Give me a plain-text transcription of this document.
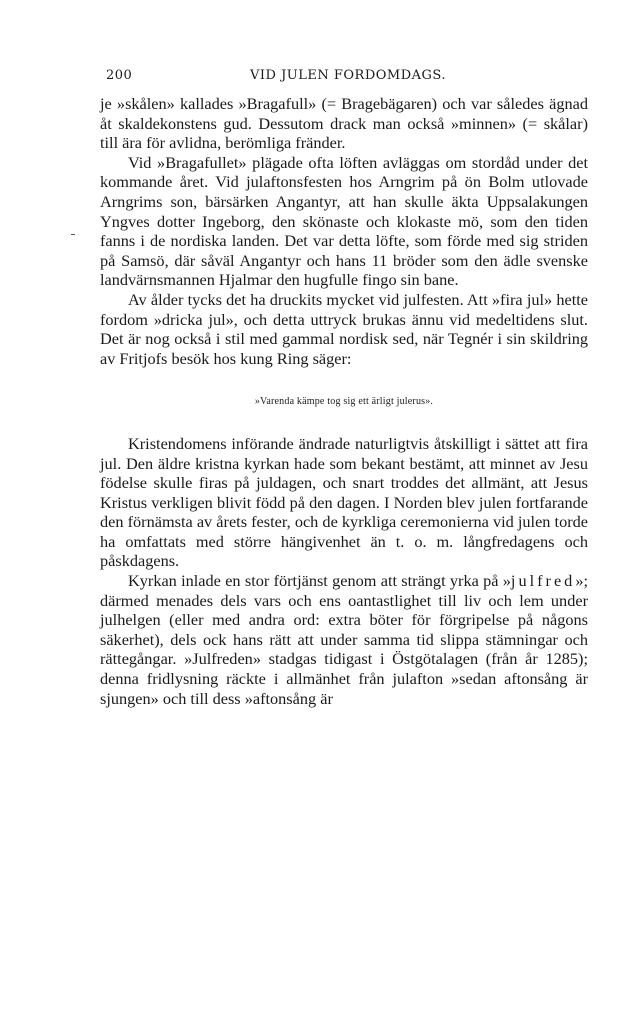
200	VID JULEN FORDOMDAGS.

je »skålen» kallades »Bragafull» (= Bragebägaren) och var således ägnad åt skaldekonstens gud. Dessutom drack man också »minnen» (= skålar) till ära för avlidna, berömliga fränder.

Vid »Bragafullet» plägade ofta löften avläggas om stordåd under det kommande året. Vid julaftonsfesten hos Arngrim på ön Bolm utlovade Arngrims son, bärsärken Angantyr, att han skulle äkta Uppsalakungen Yngves dotter Ingeborg, den skönaste och klokaste mö, som den tiden fanns i de nordiska landen. Det var detta löfte, som förde med sig striden på Samsö, där såväl Angantyr och hans 11 bröder som den ädle svenske landvärnsmannen Hjalmar den hugfulle fingo sin bane.

Av ålder tycks det ha druckits mycket vid julfesten. Att »fira jul» hette fordom »dricka jul», och detta uttryck brukas ännu vid medeltidens slut. Det är nog också i stil med gammal nordisk sed, när Tegnér i sin skildring av Fritjofs besök hos kung Ring säger:

»Varenda kämpe tog sig ett ärligt julerus».

Kristendomens införande ändrade naturligtvis åtskilligt i sättet att fira jul. Den äldre kristna kyrkan hade som bekant bestämt, att minnet av Jesu födelse skulle firas på juldagen, och snart troddes det allmänt, att Jesus Kristus verkligen blivit född på den dagen. I Norden blev julen fortfarande den förnämsta av årets fester, och de kyrkliga ceremonierna vid julen torde ha omfattats med större hängivenhet än t. o. m. långfredagens och påskdagens.

Kyrkan inlade en stor förtjänst genom att strängt yrka på »julfred»; därmed menades dels vars och ens oantastlighet till liv och lem under julhelgen (eller med andra ord: extra böter för förgripelse på någons säkerhet), dels ock hans rätt att under samma tid slippa stämningar och rättegångar. »Julfreden» stadgas tidigast i Östgötalagen (från år 1285); denna fridlysning räckte i allmänhet från julafton »sedan aftonsång är sjungen» och till dess »aftonsång är
